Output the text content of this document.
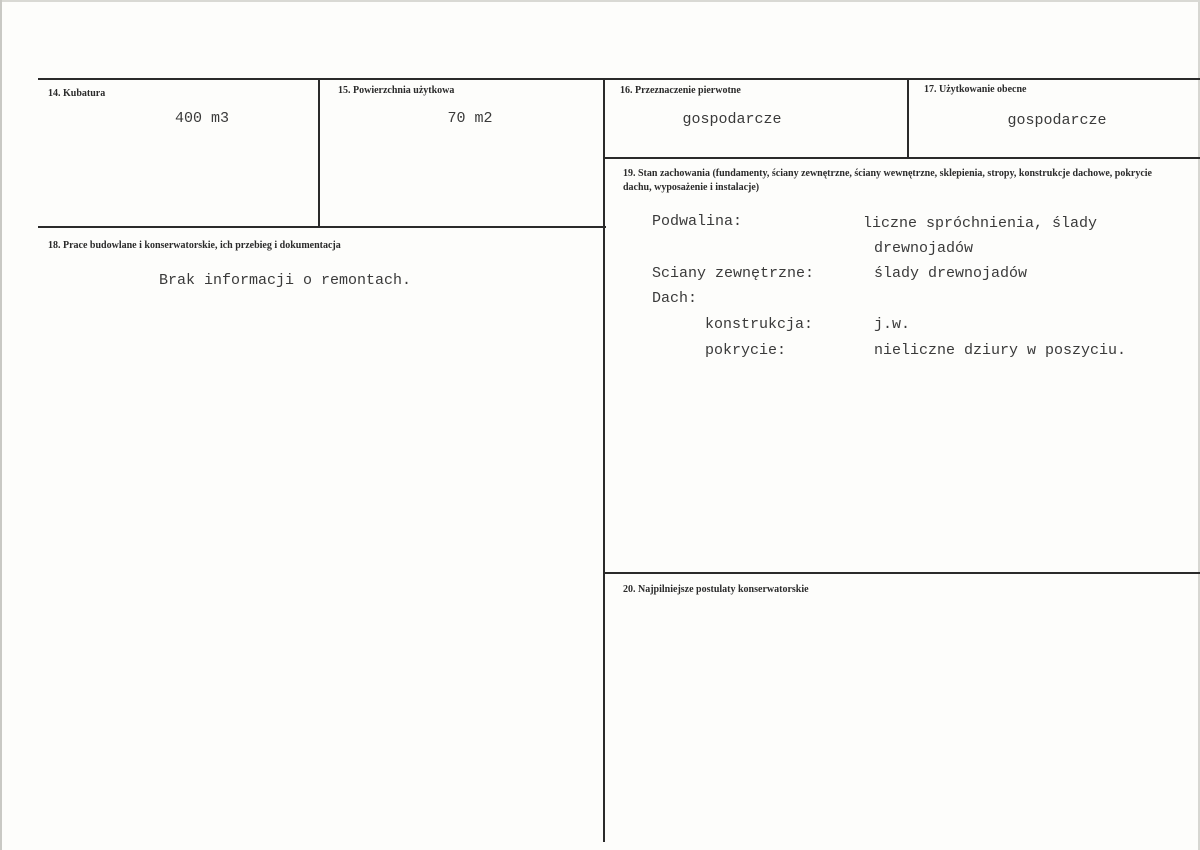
14. Kubatura
400 m3
15. Powierzchnia użytkowa
70 m2
16. Przeznaczenie pierwotne
gospodarcze
17. Użytkowanie obecne
gospodarcze
18. Prace budowlane i konserwatorskie, ich przebieg i dokumentacja
Brak informacji o remontach.
19. Stan zachowania (fundamenty, ściany zewnętrzne, ściany wewnętrzne, sklepienia, stropy, konstrukcje dachowe, pokrycie dachu, wyposażenie i instalacje)
Podwalina:	liczne spróchnienia, ślady
drewnojadów
Sciany zewnętrzne:	ślady drewnojadów
Dach:
konstrukcja:	j.w.
pokrycie:	nieliczne dziury w poszyciu.
20. Najpilniejsze postulaty konserwatorskie
